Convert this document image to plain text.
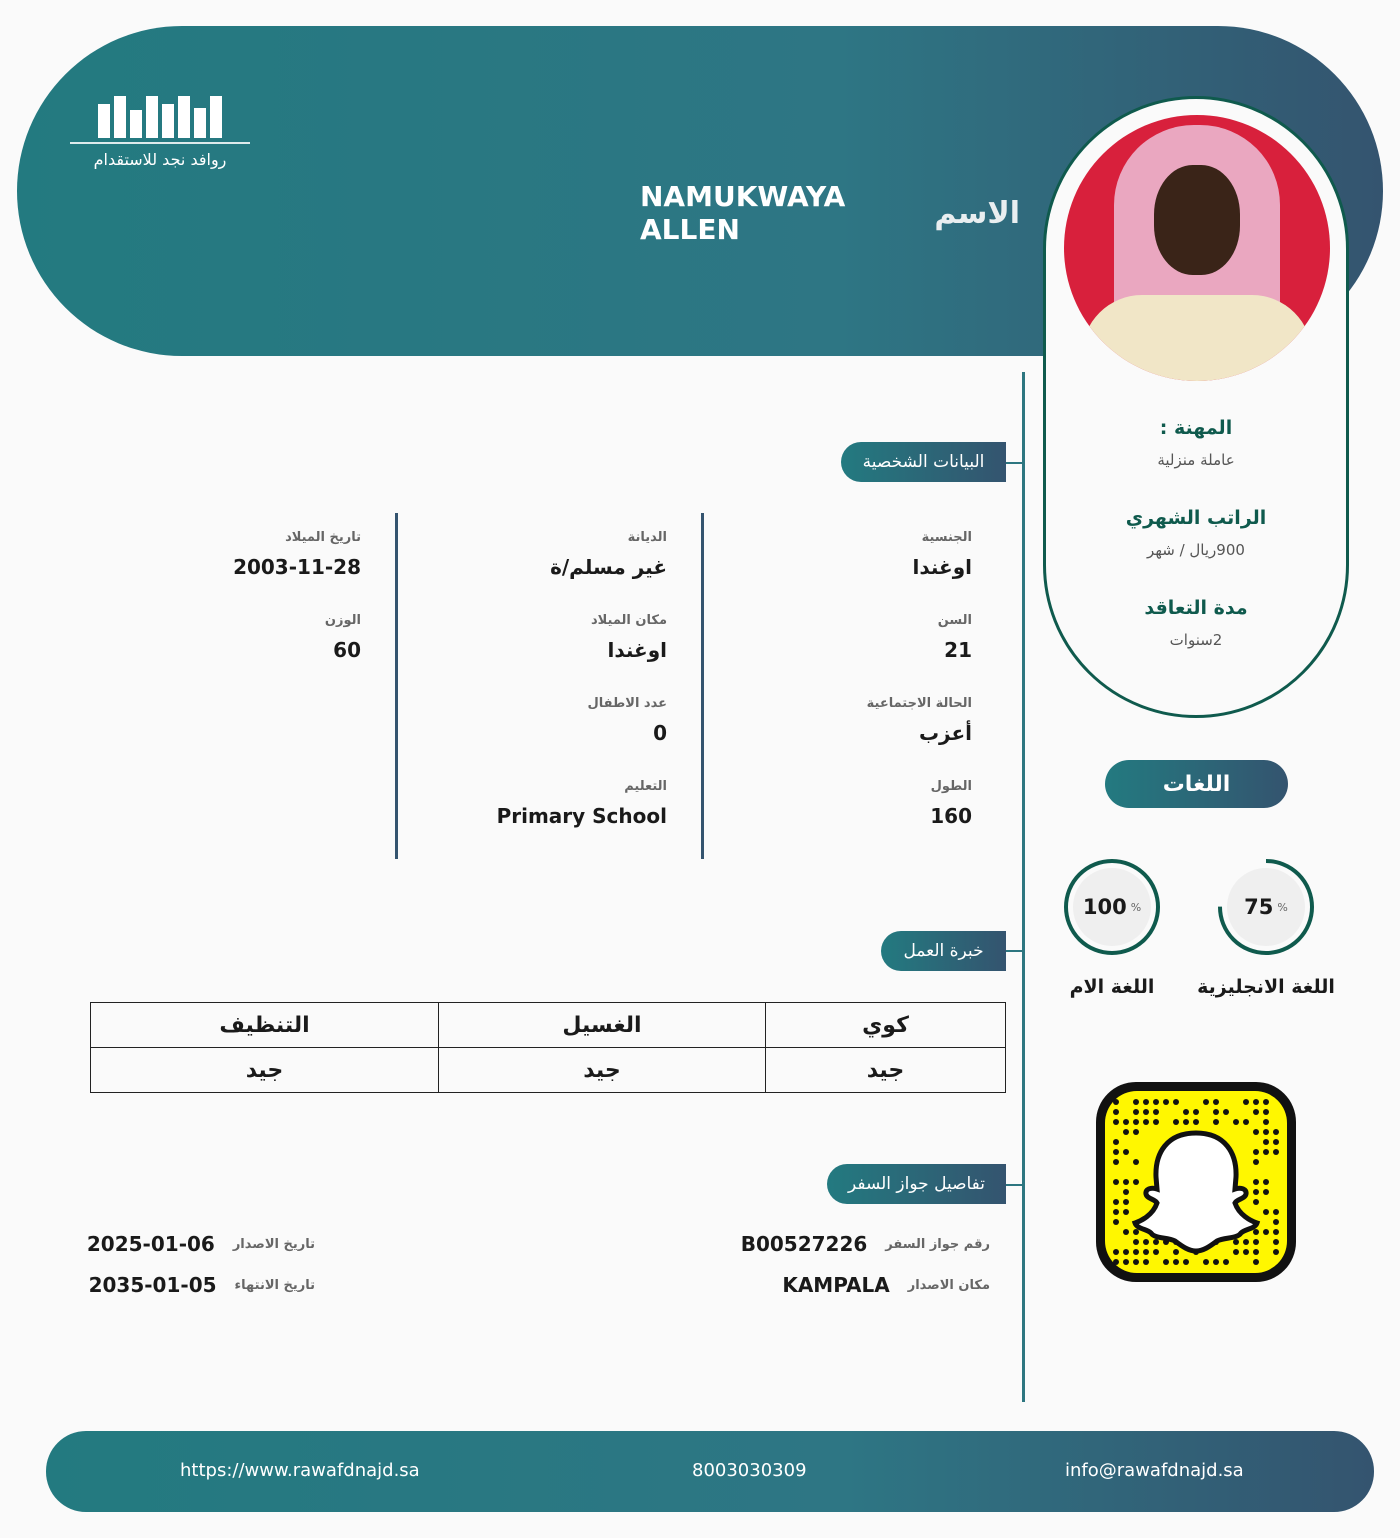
روافد نجد للاستقدام
الاسم
NAMUKWAYA ALLEN
المهنة :
عاملة منزلية
الراتب الشهري
900ريال / شهر
مدة التعاقد
2سنوات
البيانات الشخصية
الجنسية
اوغندا
السن
21
الحالة الاجتماعية
أعزب
الطول
160
الديانة
غير مسلم/ة
مكان الميلاد
اوغندا
عدد الاطفال
0
التعليم
Primary School
تاريخ الميلاد
2003-11-28
الوزن
60
خبرة العمل
كوي	الغسيل	التنظيف
جيد	جيد	جيد
تفاصيل جواز السفر
رقم جواز السفر
B00527226
مكان الاصدار
KAMPALA
تاريخ الاصدار
2025-01-06
تاريخ الانتهاء
2035-01-05
اللغات
75 %
اللغة الانجليزية
100 %
اللغة الام
https://www.rawafdnajd.sa	8003030309	info@rawafdnajd.sa
